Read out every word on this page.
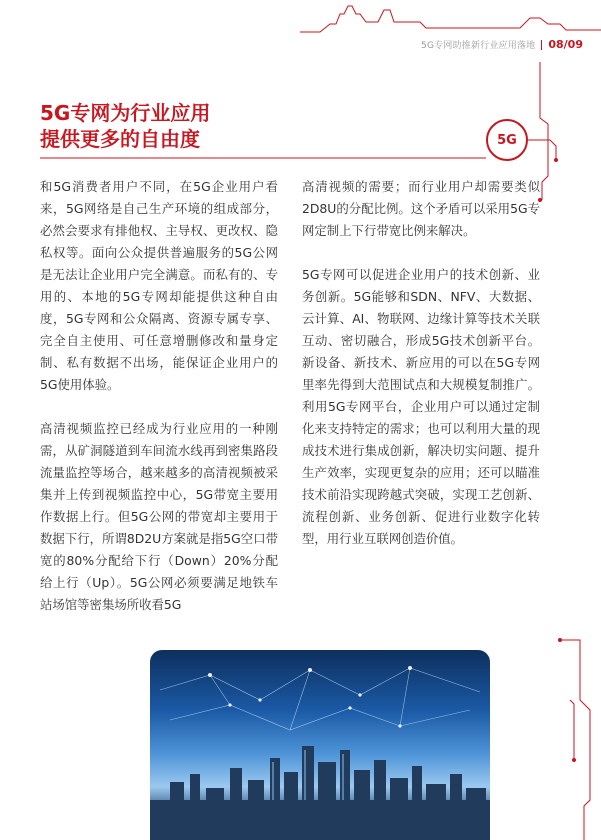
5G专网助推新行业应用落地 08/09
5G专网为行业应用
提供更多的自由度	5G

和5G消费者用户不同，在5G企业用户看来，5G网络是自己生产环境的组成部分，必然会要求有排他权、主导权、更改权、隐私权等。面向公众提供普遍服务的5G公网是无法让企业用户完全满意。而私有的、专用的、本地的5G专网却能提供这种自由度，5G专网和公众隔离、资源专属专享、完全自主使用、可任意增删修改和量身定制、私有数据不出场，能保证企业用户的5G使用体验。

高清视频监控已经成为行业应用的一种刚需，从矿洞隧道到车间流水线再到密集路段流量监控等场合，越来越多的高清视频被采集并上传到视频监控中心，5G带宽主要用作数据上行。但5G公网的带宽却主要用于数据下行，所谓8D2U方案就是指5G空口带宽的80%分配给下行（Down）20%分配给上行（Up）。5G公网必须要满足地铁车站场馆等密集场所收看5G

高清视频的需要；而行业用户却需要类似2D8U的分配比例。这个矛盾可以采用5G专网定制上下行带宽比例来解决。

5G专网可以促进企业用户的技术创新、业务创新。5G能够和SDN、NFV、大数据、云计算、AI、物联网、边缘计算等技术关联互动、密切融合，形成5G技术创新平台。新设备、新技术、新应用的可以在5G专网里率先得到大范围试点和大规模复制推广。利用5G专网平台，企业用户可以通过定制化来支持特定的需求；也可以利用大量的现成技术进行集成创新，解决切实问题、提升生产效率，实现更复杂的应用；还可以瞄准技术前沿实现跨越式突破，实现工艺创新、流程创新、业务创新、促进行业数字化转型，用行业互联网创造价值。
